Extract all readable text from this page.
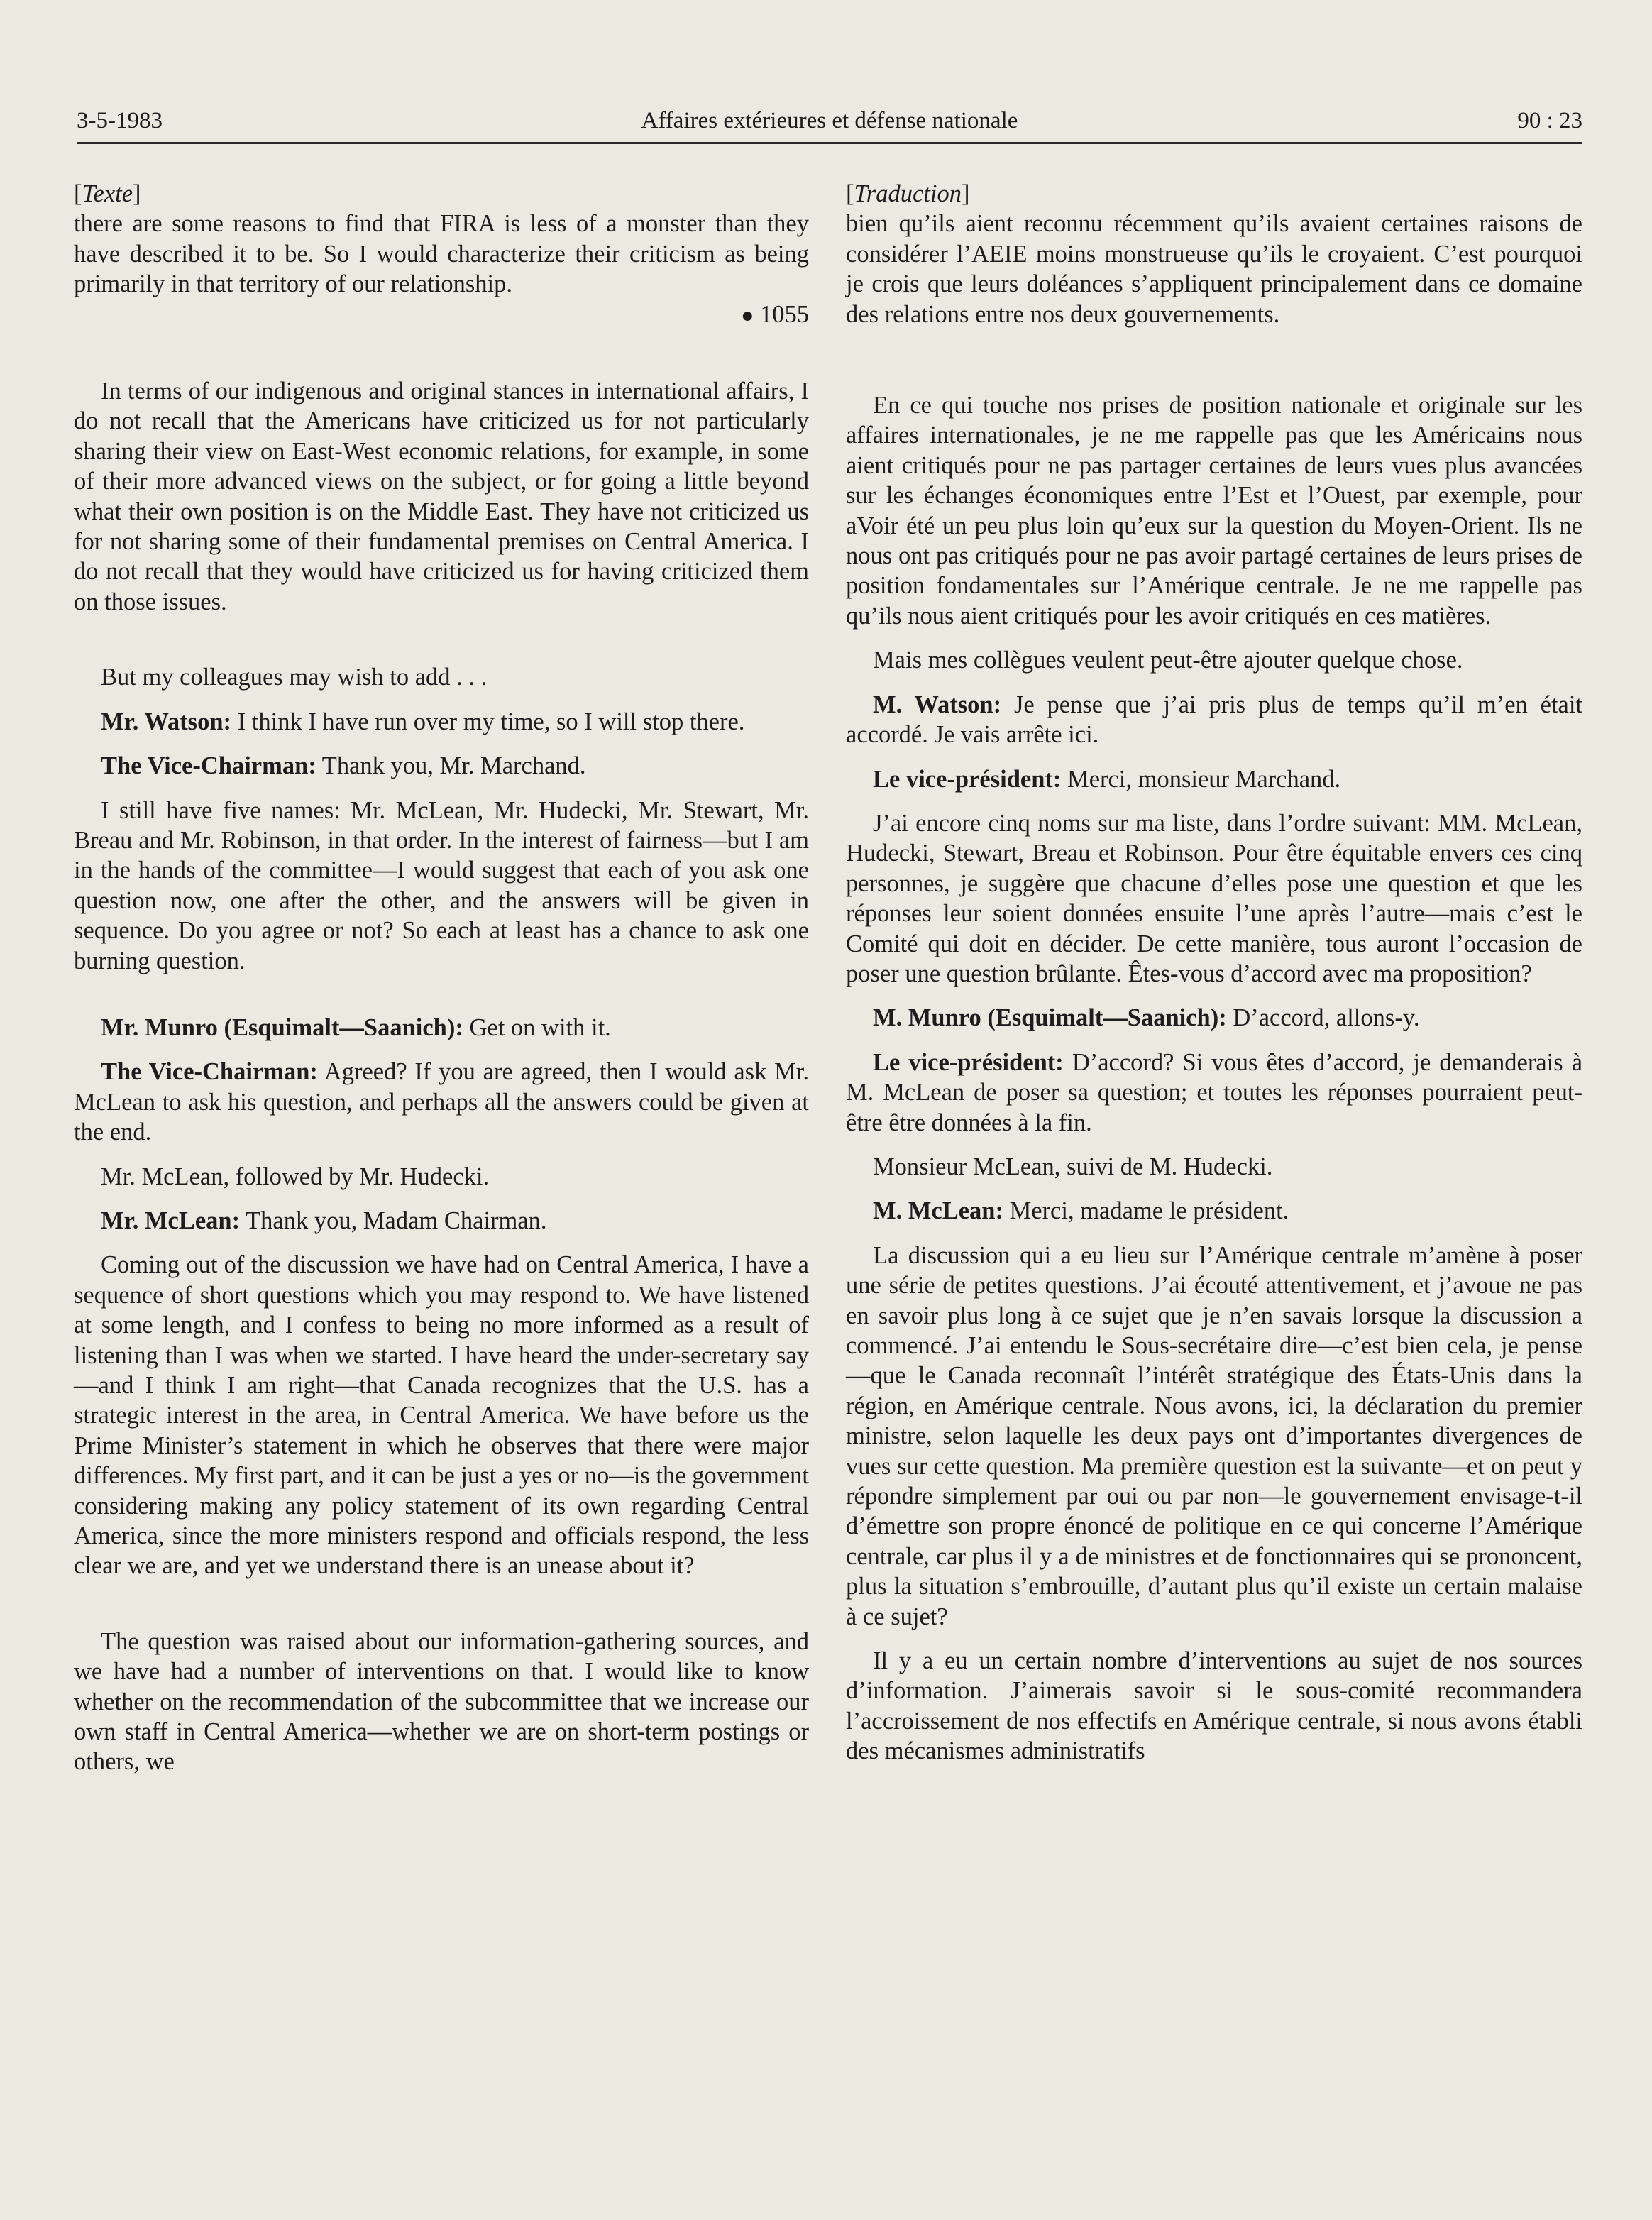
3-5-1983	Affaires extérieures et défense nationale	90 : 23

[Texte]

there are some reasons to find that FIRA is less of a monster than they have described it to be. So I would characterize their criticism as being primarily in that territory of our relationship.

● 1055

In terms of our indigenous and original stances in international affairs, I do not recall that the Americans have criticized us for not particularly sharing their view on East-West economic relations, for example, in some of their more advanced views on the subject, or for going a little beyond what their own position is on the Middle East. They have not criticized us for not sharing some of their fundamental premises on Central America. I do not recall that they would have criticized us for having criticized them on those issues.

But my colleagues may wish to add . . .

Mr. Watson: I think I have run over my time, so I will stop there.

The Vice-Chairman: Thank you, Mr. Marchand.

I still have five names: Mr. McLean, Mr. Hudecki, Mr. Stewart, Mr. Breau and Mr. Robinson, in that order. In the interest of fairness—but I am in the hands of the committee—I would suggest that each of you ask one question now, one after the other, and the answers will be given in sequence. Do you agree or not? So each at least has a chance to ask one burning question.

Mr. Munro (Esquimalt—Saanich): Get on with it.

The Vice-Chairman: Agreed? If you are agreed, then I would ask Mr. McLean to ask his question, and perhaps all the answers could be given at the end.

Mr. McLean, followed by Mr. Hudecki.

Mr. McLean: Thank you, Madam Chairman.

Coming out of the discussion we have had on Central America, I have a sequence of short questions which you may respond to. We have listened at some length, and I confess to being no more informed as a result of listening than I was when we started. I have heard the under-secretary say—and I think I am right—that Canada recognizes that the U.S. has a strategic interest in the area, in Central America. We have before us the Prime Minister’s statement in which he observes that there were major differences. My first part, and it can be just a yes or no—is the government considering making any policy statement of its own regarding Central America, since the more ministers respond and officials respond, the less clear we are, and yet we understand there is an unease about it?

The question was raised about our information-gathering sources, and we have had a number of interventions on that. I would like to know whether on the recommendation of the subcommittee that we increase our own staff in Central America—whether we are on short-term postings or others, we

[Traduction]

bien qu’ils aient reconnu récemment qu’ils avaient certaines raisons de considérer l’AEIE moins monstrueuse qu’ils le croyaient. C’est pourquoi je crois que leurs doléances s’appliquent principalement dans ce domaine des relations entre nos deux gouvernements.

En ce qui touche nos prises de position nationale et originale sur les affaires internationales, je ne me rappelle pas que les Américains nous aient critiqués pour ne pas partager certaines de leurs vues plus avancées sur les échanges économiques entre l’Est et l’Ouest, par exemple, pour aVoir été un peu plus loin qu’eux sur la question du Moyen-Orient. Ils ne nous ont pas critiqués pour ne pas avoir partagé certaines de leurs prises de position fondamentales sur l’Amérique centrale. Je ne me rappelle pas qu’ils nous aient critiqués pour les avoir critiqués en ces matières.

Mais mes collègues veulent peut-être ajouter quelque chose.

M. Watson: Je pense que j’ai pris plus de temps qu’il m’en était accordé. Je vais arrête ici.

Le vice-président: Merci, monsieur Marchand.

J’ai encore cinq noms sur ma liste, dans l’ordre suivant: MM. McLean, Hudecki, Stewart, Breau et Robinson. Pour être équitable envers ces cinq personnes, je suggère que chacune d’elles pose une question et que les réponses leur soient données ensuite l’une après l’autre—mais c’est le Comité qui doit en décider. De cette manière, tous auront l’occasion de poser une question brûlante. Êtes-vous d’accord avec ma proposition?

M. Munro (Esquimalt—Saanich): D’accord, allons-y.

Le vice-président: D’accord? Si vous êtes d’accord, je demanderais à M. McLean de poser sa question; et toutes les réponses pourraient peut-être être données à la fin.

Monsieur McLean, suivi de M. Hudecki.

M. McLean: Merci, madame le président.

La discussion qui a eu lieu sur l’Amérique centrale m’amène à poser une série de petites questions. J’ai écouté attentivement, et j’avoue ne pas en savoir plus long à ce sujet que je n’en savais lorsque la discussion a commencé. J’ai entendu le Sous-secrétaire dire—c’est bien cela, je pense—que le Canada reconnaît l’intérêt stratégique des États-Unis dans la région, en Amérique centrale. Nous avons, ici, la déclaration du premier ministre, selon laquelle les deux pays ont d’importantes divergences de vues sur cette question. Ma première question est la suivante—et on peut y répondre simplement par oui ou par non—le gouvernement envisage-t-il d’émettre son propre énoncé de politique en ce qui concerne l’Amérique centrale, car plus il y a de ministres et de fonctionnaires qui se prononcent, plus la situation s’embrouille, d’autant plus qu’il existe un certain malaise à ce sujet?

Il y a eu un certain nombre d’interventions au sujet de nos sources d’information. J’aimerais savoir si le sous-comité recommandera l’accroissement de nos effectifs en Amérique centrale, si nous avons établi des mécanismes administratifs
